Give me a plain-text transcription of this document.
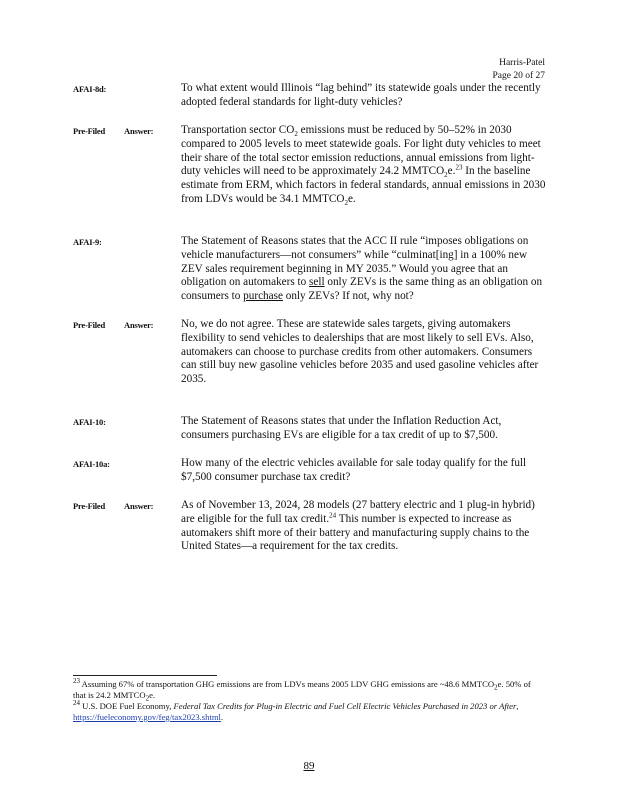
Harris-Patel
Page 20 of 27
AFAI-8d:	To what extent would Illinois “lag behind” its statewide goals under the recently adopted federal standards for light-duty vehicles?
Pre-Filed Answer: Transportation sector $CO_2$ emissions must be reduced by 50–52% in 2030 compared to 2005 levels to meet statewide goals. For light duty vehicles to meet their share of the total sector emission reductions, annual emissions from light-duty vehicles will need to be approximately 24.2 $MMTCO_2e.^{23}$ In the baseline estimate from ERM, which factors in federal standards, annual emissions in 2030 from LDVs would be 34.1 $MMTCO_2e$.
AFAI-9:	The Statement of Reasons states that the ACC II rule “imposes obligations on vehicle manufacturers—not consumers” while “culminat[ing] in a 100% new ZEV sales requirement beginning in MY 2035.” Would you agree that an obligation on automakers to sell only ZEVs is the same thing as an obligation on consumers to purchase only ZEVs? If not, why not?
Pre-Filed Answer: No, we do not agree. These are statewide sales targets, giving automakers flexibility to send vehicles to dealerships that are most likely to sell EVs. Also, automakers can choose to purchase credits from other automakers. Consumers can still buy new gasoline vehicles before 2035 and used gasoline vehicles after 2035.
AFAI-10:	The Statement of Reasons states that under the Inflation Reduction Act, consumers purchasing EVs are eligible for a tax credit of up to $7,500.
AFAI-10a:	How many of the electric vehicles available for sale today qualify for the full $7,500 consumer purchase tax credit?
Pre-Filed Answer: As of November 13, 2024, 28 models (27 battery electric and 1 plug-in hybrid) are eligible for the full tax credit.$^{24}$ This number is expected to increase as automakers shift more of their battery and manufacturing supply chains to the United States—a requirement for the tax credits.

$^{23}$ Assuming 67% of transportation GHG emissions are from LDVs means 2005 LDV GHG emissions are ~48.6 $MMTCO_2e$. 50% of that is 24.2 $MMTCO_2e$.

$^{24}$ U.S. DOE Fuel Economy, Federal Tax Credits for Plug-in Electric and Fuel Cell Electric Vehicles Purchased in 2023 or After, https://fueleconomy.gov/feg/tax2023.shtml.

89
